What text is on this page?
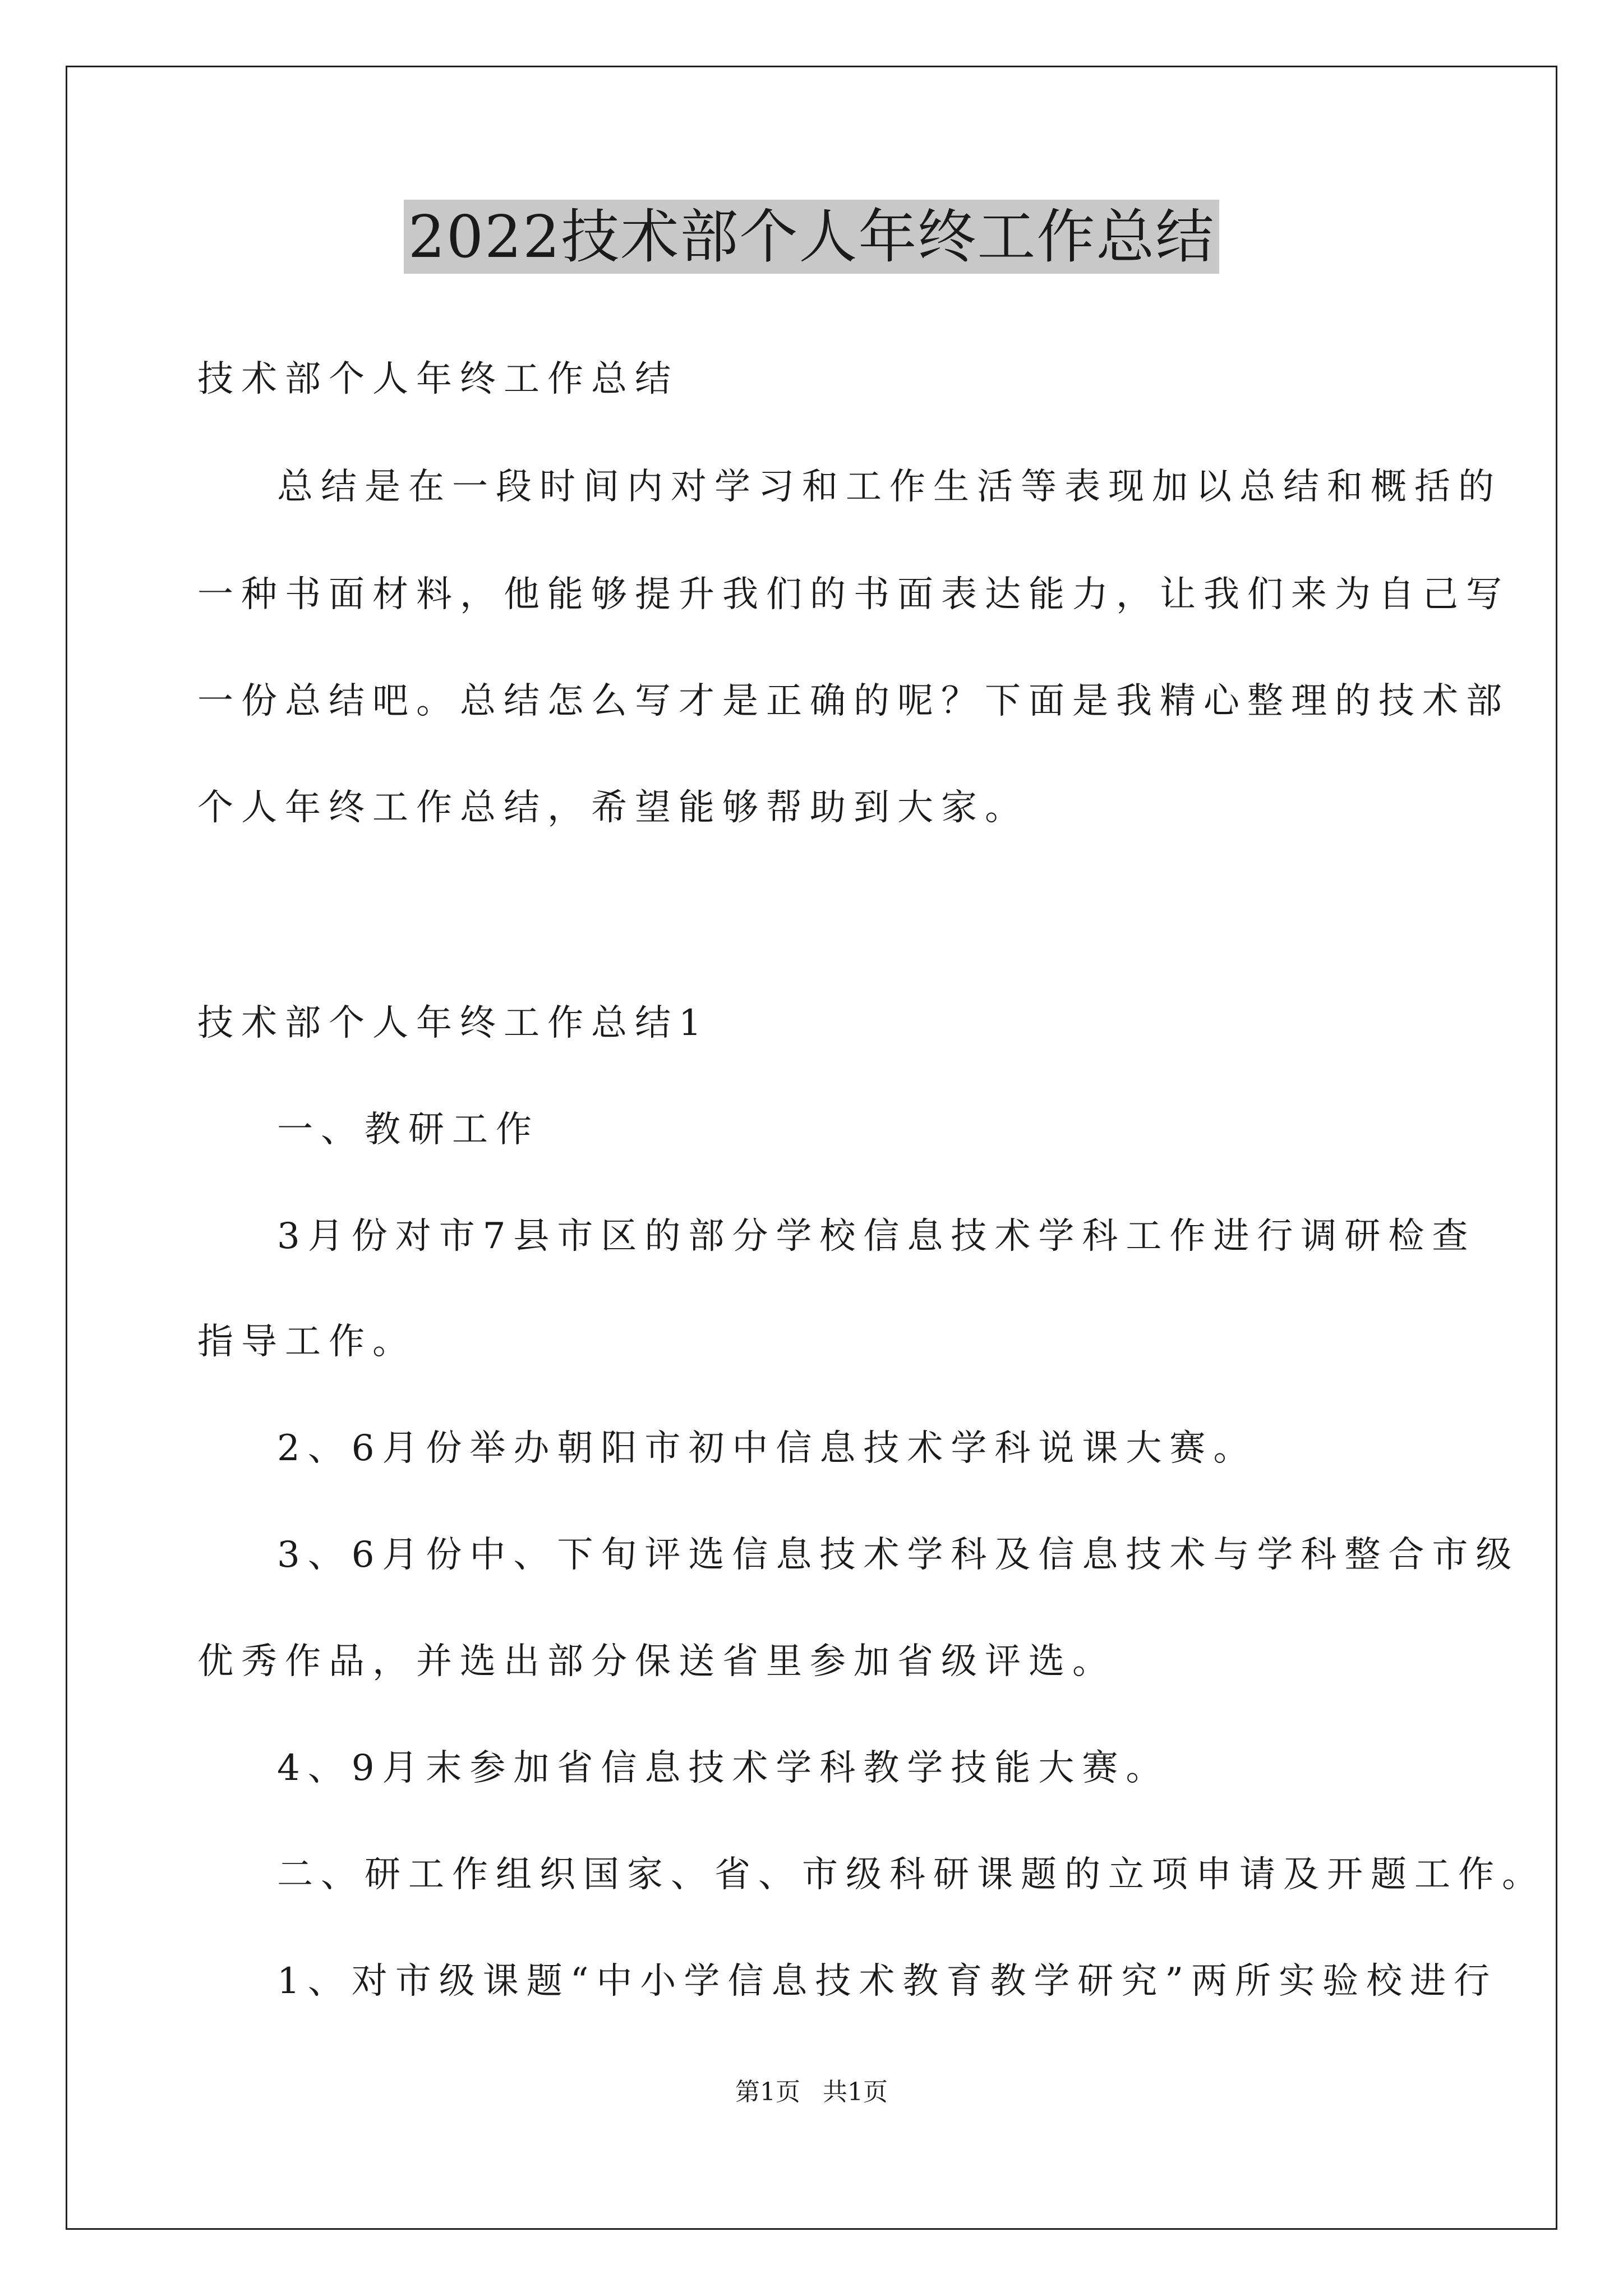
2022技术部个人年终工作总结
技术部个人年终工作总结
总结是在一段时间内对学习和工作生活等表现加以总结和概括的
一种书面材料，他能够提升我们的书面表达能力，让我们来为自己写
一份总结吧。总结怎么写才是正确的呢？下面是我精心整理的技术部
个人年终工作总结，希望能够帮助到大家。
技术部个人年终工作总结1
一、教研工作
3月份对市7县市区的部分学校信息技术学科工作进行调研检查
指导工作。
2、6月份举办朝阳市初中信息技术学科说课大赛。
3、6月份中、下旬评选信息技术学科及信息技术与学科整合市级
优秀作品，并选出部分保送省里参加省级评选。
4、9月末参加省信息技术学科教学技能大赛。
二、研工作组织国家、省、市级科研课题的立项申请及开题工作。
1、对市级课题“中小学信息技术教育教学研究”两所实验校进行
第1页 共1页
